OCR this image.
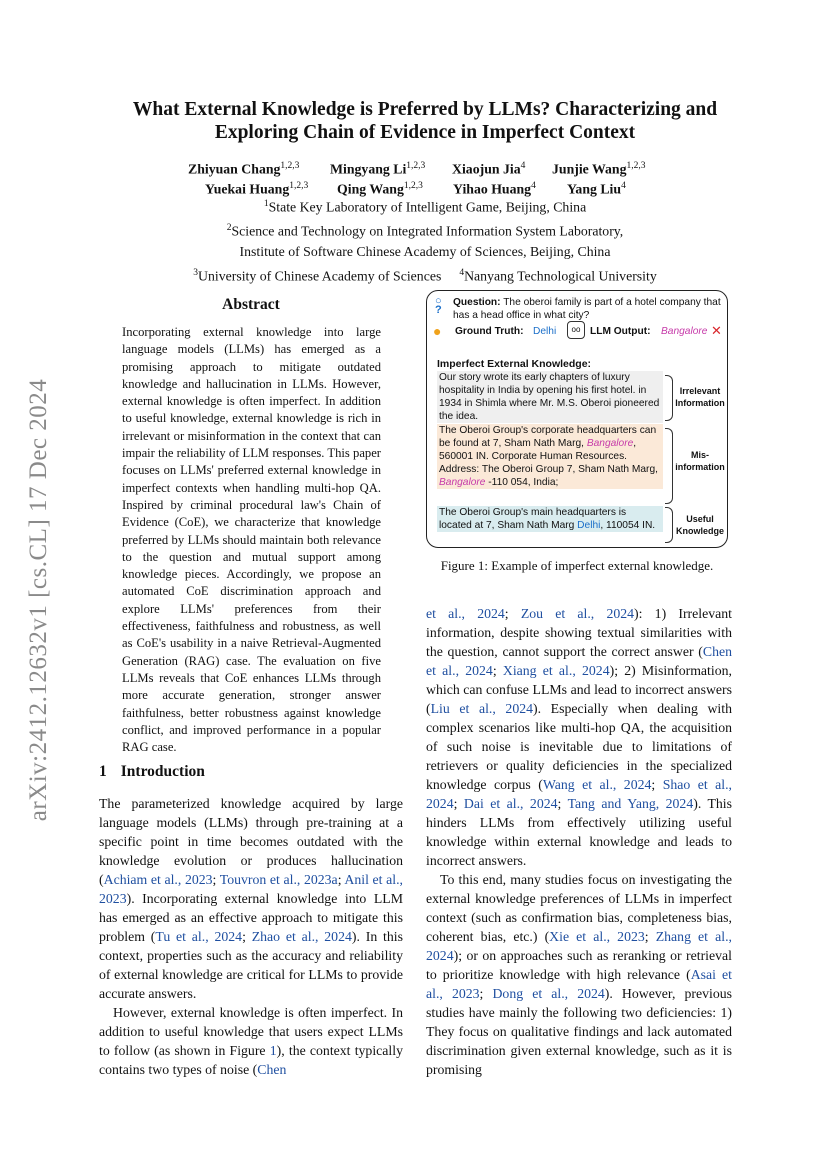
arXiv:2412.12632v1 [cs.CL] 17 Dec 2024
What External Knowledge is Preferred by LLMs? Characterizing and
Exploring Chain of Evidence in Imperfect Context
Zhiyuan Chang$^{1,2,3}$ Mingyang Li$^{1,2,3}$ Xiaojun Jia$^4$ Junjie Wang$^{1,2,3}$
Yuekai Huang$^{1,2,3}$ Qing Wang$^{1,2,3}$ Yihao Huang$^4$ Yang Liu$^4$
$^1$State Key Laboratory of Intelligent Game, Beijing, China
$^2$Science and Technology on Integrated Information System Laboratory,
Institute of Software Chinese Academy of Sciences, Beijing, China
$^3$University of Chinese Academy of Sciences $^4$Nanyang Technological University
Abstract
Incorporating external knowledge into large language models (LLMs) has emerged as a promising approach to mitigate outdated knowledge and hallucination in LLMs. However, external knowledge is often imperfect. In addition to useful knowledge, external knowledge is rich in irrelevant or misinformation in the context that can impair the reliability of LLM responses. This paper focuses on LLMs' preferred external knowledge in imperfect contexts when handling multi-hop QA. Inspired by criminal procedural law's Chain of Evidence (CoE), we characterize that knowledge preferred by LLMs should maintain both relevance to the question and mutual support among knowledge pieces. Accordingly, we propose an automated CoE discrimination approach and explore LLMs' preferences from their effectiveness, faithfulness and robustness, as well as CoE's usability in a naive Retrieval-Augmented Generation (RAG) case. The evaluation on five LLMs reveals that CoE enhances LLMs through more accurate generation, stronger answer faithfulness, better robustness against knowledge conflict, and improved performance in a popular RAG case.
○
?
Question: The oberoi family is part of a hotel company that has a head office in what city?
● Ground Truth: Delhi	oo LLM Output: Bangalore ✕
Imperfect External Knowledge:
Our story wrote its early chapters of luxury hospitality in India by opening his first hotel. in 1934 in Shimla where Mr. M.S. Oberoi pioneered the idea.
The Oberoi Group's corporate headquarters can be found at 7, Sham Nath Marg, Bangalore, 560001 IN. Corporate Human Resources. Address: The Oberoi Group 7, Sham Nath Marg, Bangalore -110 054, India;
The Oberoi Group's main headquarters is located at 7, Sham Nath Marg Delhi, 110054 IN.
Irrelevant
Information
Mis-
information
Useful
Knowledge
Figure 1: Example of imperfect external knowledge.
1 Introduction

The parameterized knowledge acquired by large language models (LLMs) through pre-training at a specific point in time becomes outdated with the knowledge evolution or produces hallucination (Achiam et al., 2023; Touvron et al., 2023a; Anil et al., 2023). Incorporating external knowledge into LLM has emerged as an effective approach to mitigate this problem (Tu et al., 2024; Zhao et al., 2024). In this context, properties such as the accuracy and reliability of external knowledge are critical for LLMs to provide accurate answers.

However, external knowledge is often imperfect. In addition to useful knowledge that users expect LLMs to follow (as shown in Figure 1), the context typically contains two types of noise (Chen

et al., 2024; Zou et al., 2024): 1) Irrelevant information, despite showing textual similarities with the question, cannot support the correct answer (Chen et al., 2024; Xiang et al., 2024); 2) Misinformation, which can confuse LLMs and lead to incorrect answers (Liu et al., 2024). Especially when dealing with complex scenarios like multi-hop QA, the acquisition of such noise is inevitable due to limitations of retrievers or quality deficiencies in the specialized knowledge corpus (Wang et al., 2024; Shao et al., 2024; Dai et al., 2024; Tang and Yang, 2024). This hinders LLMs from effectively utilizing useful knowledge within external knowledge and leads to incorrect answers.

To this end, many studies focus on investigating the external knowledge preferences of LLMs in imperfect context (such as confirmation bias, completeness bias, coherent bias, etc.) (Xie et al., 2023; Zhang et al., 2024); or on approaches such as reranking or retrieval to prioritize knowledge with high relevance (Asai et al., 2023; Dong et al., 2024). However, previous studies have mainly the following two deficiencies: 1) They focus on qualitative findings and lack automated discrimination given external knowledge, such as it is promising
